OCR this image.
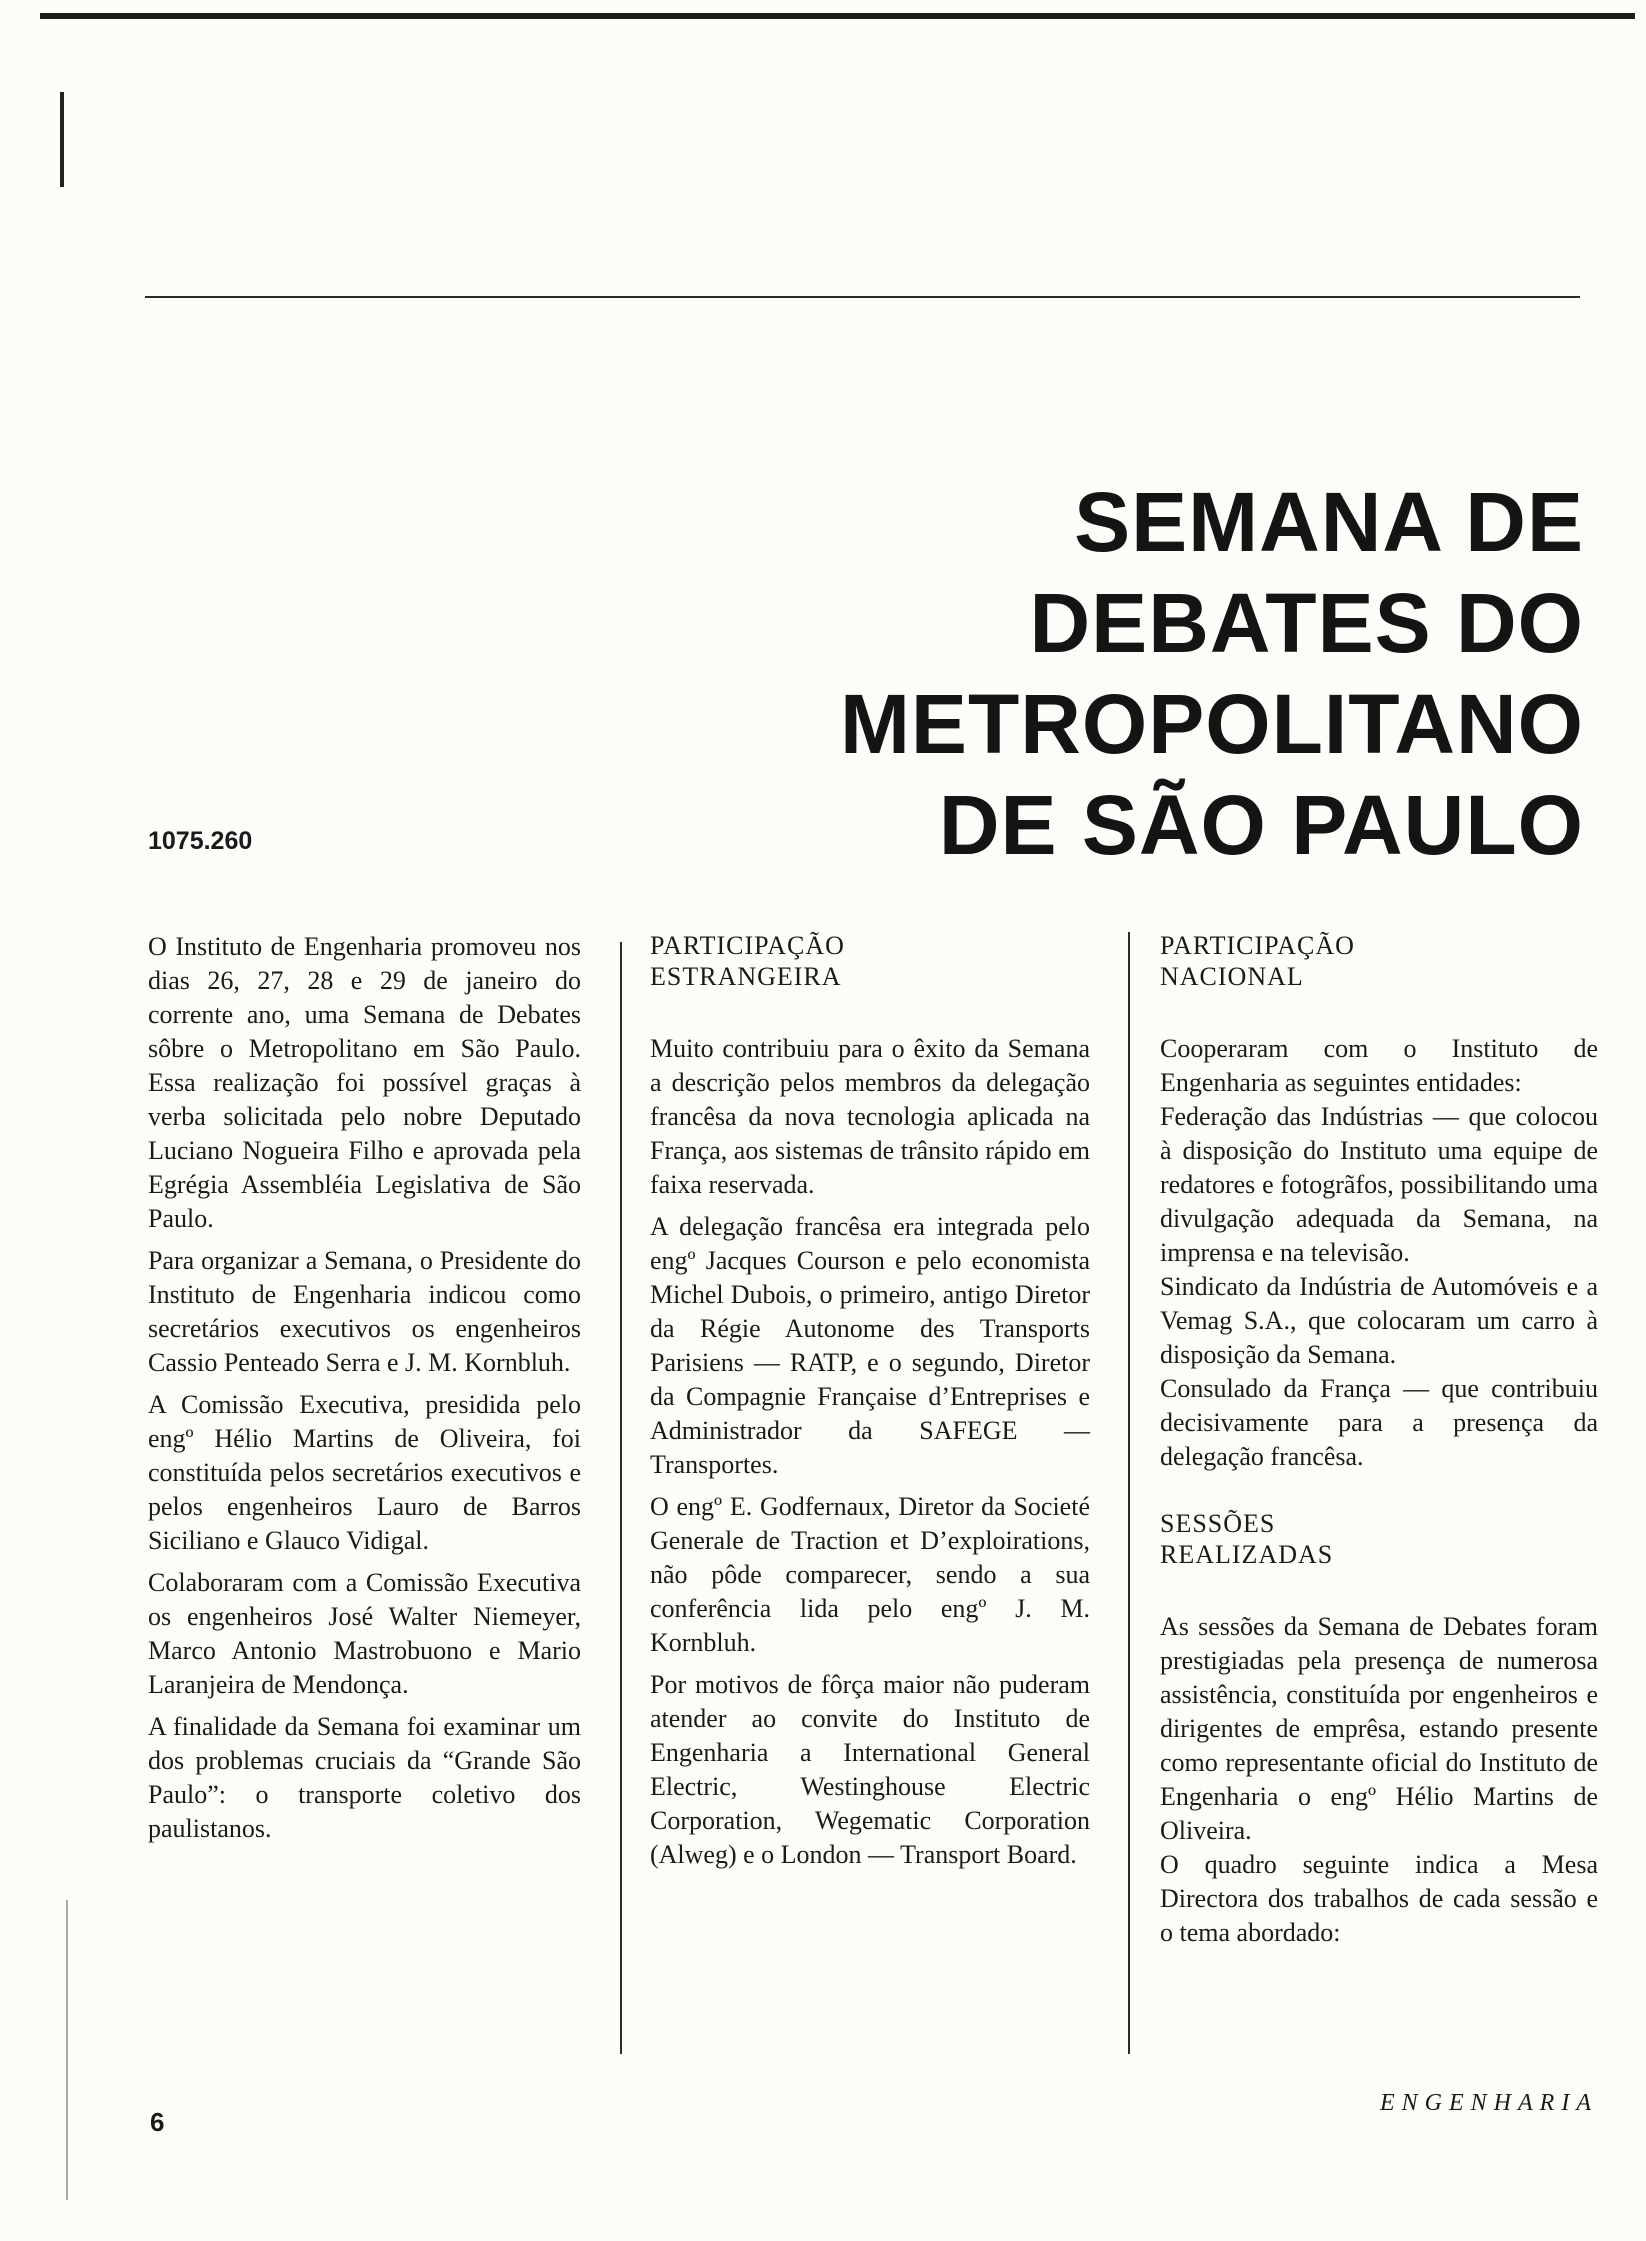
SEMANA DE
DEBATES DO
METROPOLITANO
DE SÃO PAULO
1075.260

O Instituto de Engenharia promoveu nos dias 26, 27, 28 e 29 de janeiro do corrente ano, uma Semana de Debates sôbre o Metropolitano em São Paulo. Essa realização foi possível graças à verba solicitada pelo nobre Deputado Luciano Nogueira Filho e aprovada pela Egrégia Assembléia Legislativa de São Paulo.

Para organizar a Semana, o Presidente do Instituto de Engenharia indicou como secretários executivos os engenheiros Cassio Penteado Serra e J. M. Kornbluh.

A Comissão Executiva, presidida pelo engº Hélio Martins de Oliveira, foi constituída pelos secretários executivos e pelos engenheiros Lauro de Barros Siciliano e Glauco Vidigal.

Colaboraram com a Comissão Executiva os engenheiros José Walter Niemeyer, Marco Antonio Mastrobuono e Mario Laranjeira de Mendonça.

A finalidade da Semana foi examinar um dos problemas cruciais da “Grande São Paulo”: o transporte coletivo dos paulistanos.

PARTICIPAÇÃO
ESTRANGEIRA

Muito contribuiu para o êxito da Semana a descrição pelos membros da delegação francêsa da nova tecnologia aplicada na França, aos sistemas de trânsito rápido em faixa reservada.

A delegação francêsa era integrada pelo engº Jacques Courson e pelo economista Michel Dubois, o primeiro, antigo Diretor da Régie Autonome des Transports Parisiens — RATP, e o segundo, Diretor da Compagnie Française d’Entreprises e Administrador da SAFEGE — Transportes.

O engº E. Godfernaux, Diretor da Societé Generale de Traction et D’exploirations, não pôde comparecer, sendo a sua conferência lida pelo engº J. M. Kornbluh.

Por motivos de fôrça maior não puderam atender ao convite do Instituto de Engenharia a International General Electric, Westinghouse Electric Corporation, Wegematic Corporation (Alweg) e o London — Transport Board.

PARTICIPAÇÃO
NACIONAL

Cooperaram com o Instituto de Engenharia as seguintes entidades:

Federação das Indústrias — que colocou à disposição do Instituto uma equipe de redatores e fotogrãfos, possibilitando uma divulgação adequada da Semana, na imprensa e na televisão.

Sindicato da Indústria de Automóveis e a Vemag S.A., que colocaram um carro à disposição da Semana.

Consulado da França — que contribuiu decisivamente para a presença da delegação francêsa.

SESSÕES
REALIZADAS

As sessões da Semana de Debates foram prestigiadas pela presença de numerosa assistência, constituída por engenheiros e dirigentes de emprêsa, estando presente como representante oficial do Instituto de Engenharia o engº Hélio Martins de Oliveira.

O quadro seguinte indica a Mesa Directora dos trabalhos de cada sessão e o tema abordado:

6
ENGENHARIA
